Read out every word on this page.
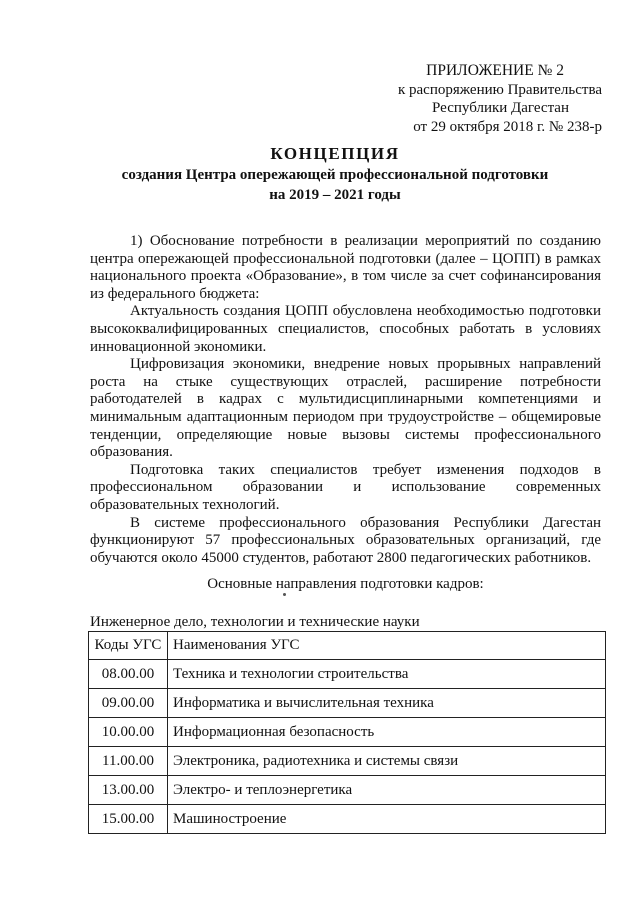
ПРИЛОЖЕНИЕ № 2
к распоряжению Правительства
Республики Дагестан
от 29 октября 2018 г. № 238-р
КОНЦЕПЦИЯ
создания Центра опережающей профессиональной подготовки
на 2019 – 2021 годы

1) Обоснование потребности в реализации мероприятий по созданию центра опережающей профессиональной подготовки (далее – ЦОПП) в рамках национального проекта «Образование», в том числе за счет софинансирования из федерального бюджета:

Актуальность создания ЦОПП обусловлена необходимостью подготовки высококвалифицированных специалистов, способных работать в условиях инновационной экономики.

Цифровизация экономики, внедрение новых прорывных направлений роста на стыке существующих отраслей, расширение потребности работодателей в кадрах с мультидисциплинарными компетенциями и минимальным адаптационным периодом при трудоустройстве – общемировые тенденции, определяющие новые вызовы системы профессионального образования.

Подготовка таких специалистов требует изменения подходов в профессиональном образовании и использование современных образовательных технологий.

В системе профессионального образования Республики Дагестан функционируют 57 профессиональных образовательных организаций, где обучаются около 45000 студентов, работают 2800 педагогических работников.

Основные направления подготовки кадров:

Инженерное дело, технологии и технические науки
Коды УГС	Наименования УГС
08.00.00	Техника и технологии строительства
09.00.00	Информатика и вычислительная техника
10.00.00	Информационная безопасность
11.00.00	Электроника, радиотехника и системы связи
13.00.00	Электро- и теплоэнергетика
15.00.00	Машиностроение
